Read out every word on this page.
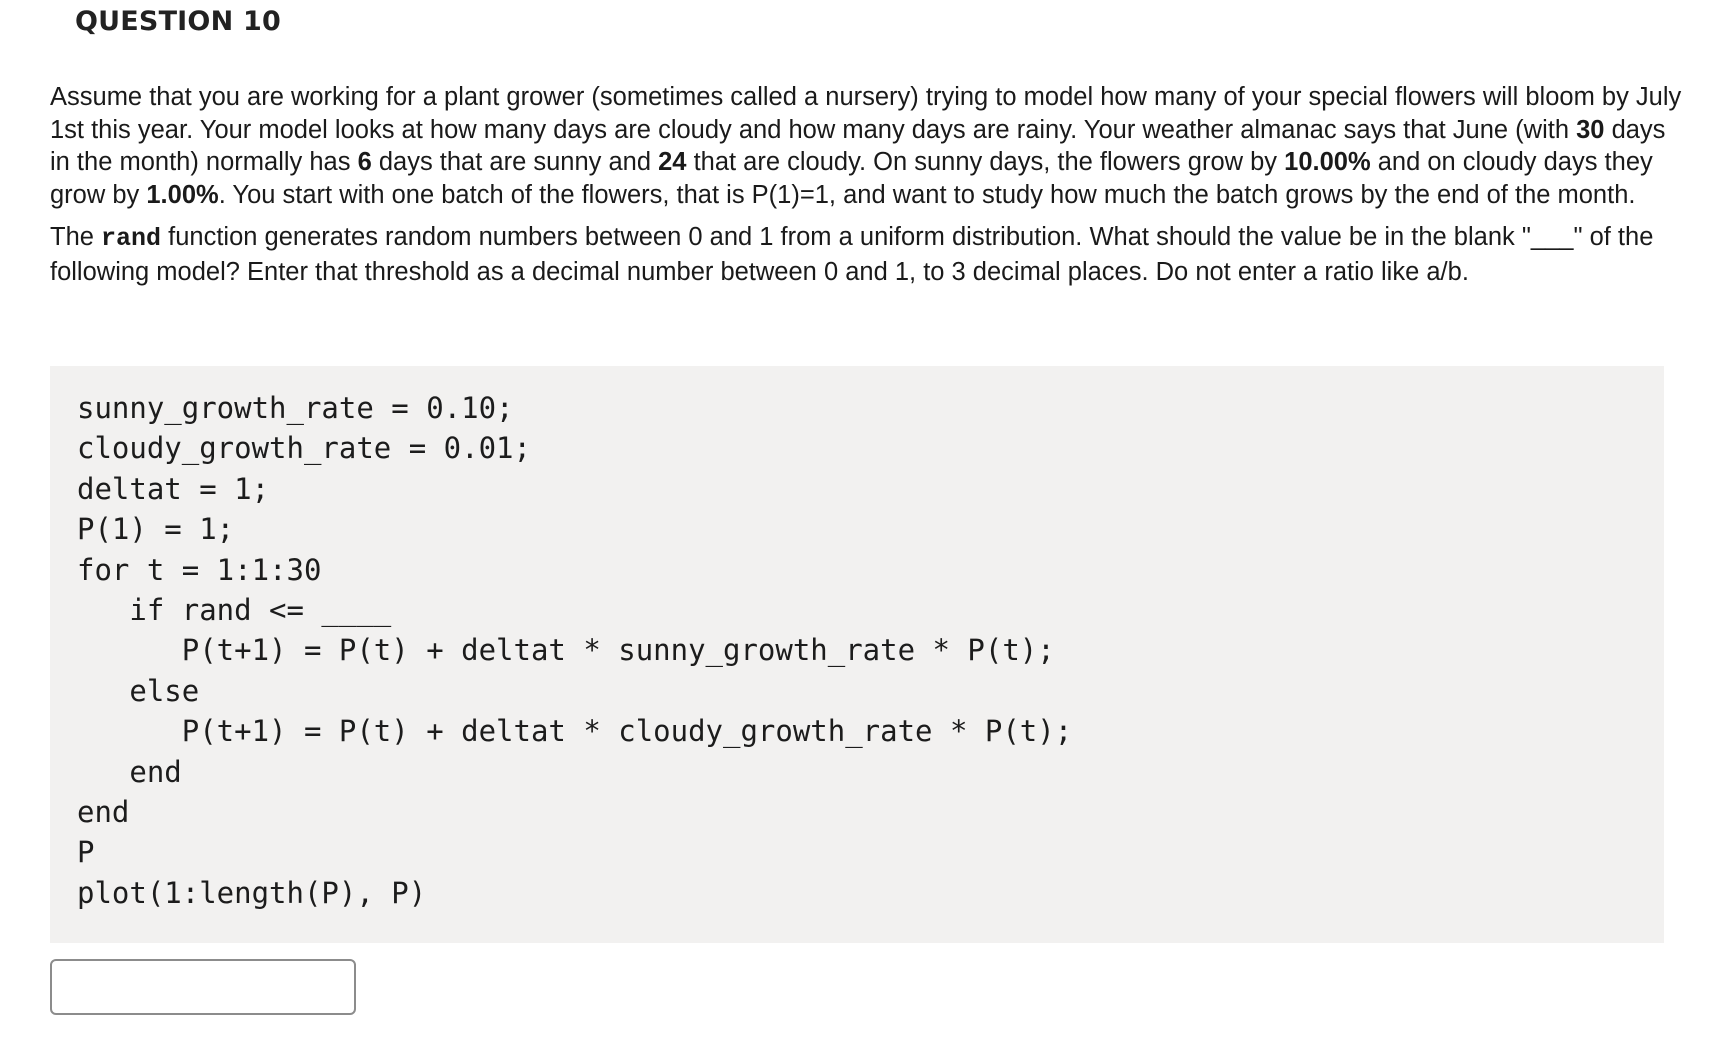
QUESTION 10

Assume that you are working for a plant grower (sometimes called a nursery) trying to model how many of your special flowers will bloom by July 1st this year. Your model looks at how many days are cloudy and how many days are rainy. Your weather almanac says that June (with 30 days in the month) normally has 6 days that are sunny and 24 that are cloudy. On sunny days, the flowers grow by 10.00% and on cloudy days they grow by 1.00%. You start with one batch of the flowers, that is P(1)=1, and want to study how much the batch grows by the end of the month.

The rand function generates random numbers between 0 and 1 from a uniform distribution. What should the value be in the blank "___" of the following model? Enter that threshold as a decimal number between 0 and 1, to 3 decimal places. Do not enter a ratio like a/b.

sunny_growth_rate = 0.10;
cloudy_growth_rate = 0.01;
deltat = 1;
P(1) = 1;
for t = 1:1:30
if rand <= ____
P(t+1) = P(t) + deltat * sunny_growth_rate * P(t);
else
P(t+1) = P(t) + deltat * cloudy_growth_rate * P(t);
end
end
P
plot(1:length(P), P)
